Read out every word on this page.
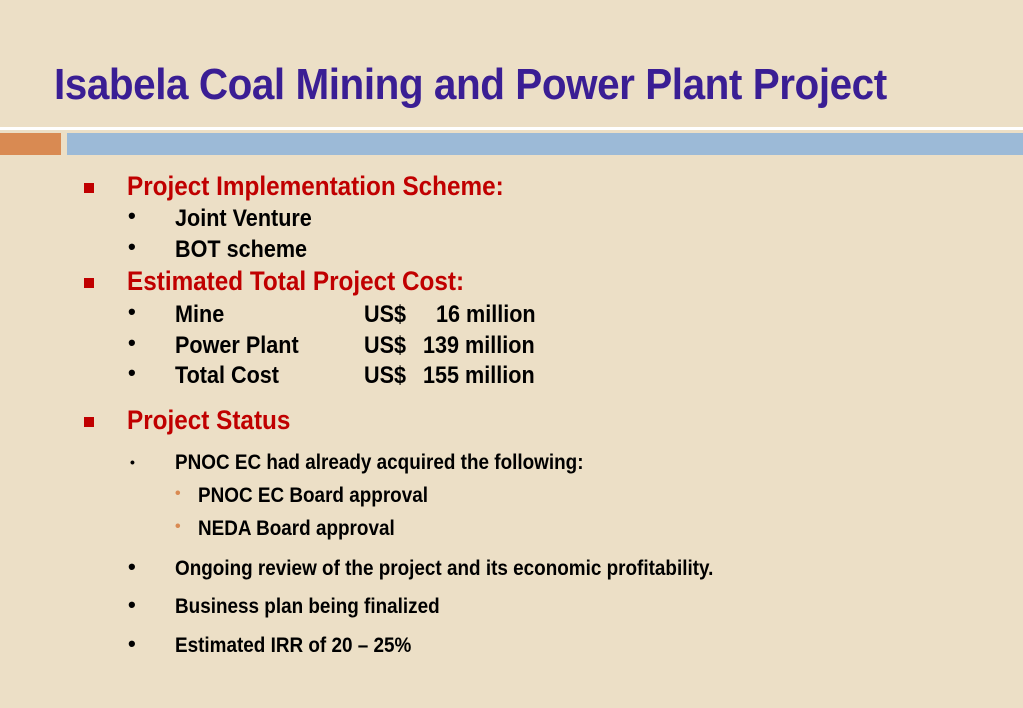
Isabela Coal Mining and Power Plant Project
Project Implementation Scheme:
• Joint Venture
• BOT scheme
Estimated Total Project Cost:
• Mine	US$ 16 million
• Power Plant	US$ 139 million
• Total Cost	US$ 155 million
Project Status
• PNOC EC had already acquired the following:
• PNOC EC Board approval
• NEDA Board approval
• Ongoing review of the project and its economic profitability.
• Business plan being finalized
• Estimated IRR of 20 – 25%
